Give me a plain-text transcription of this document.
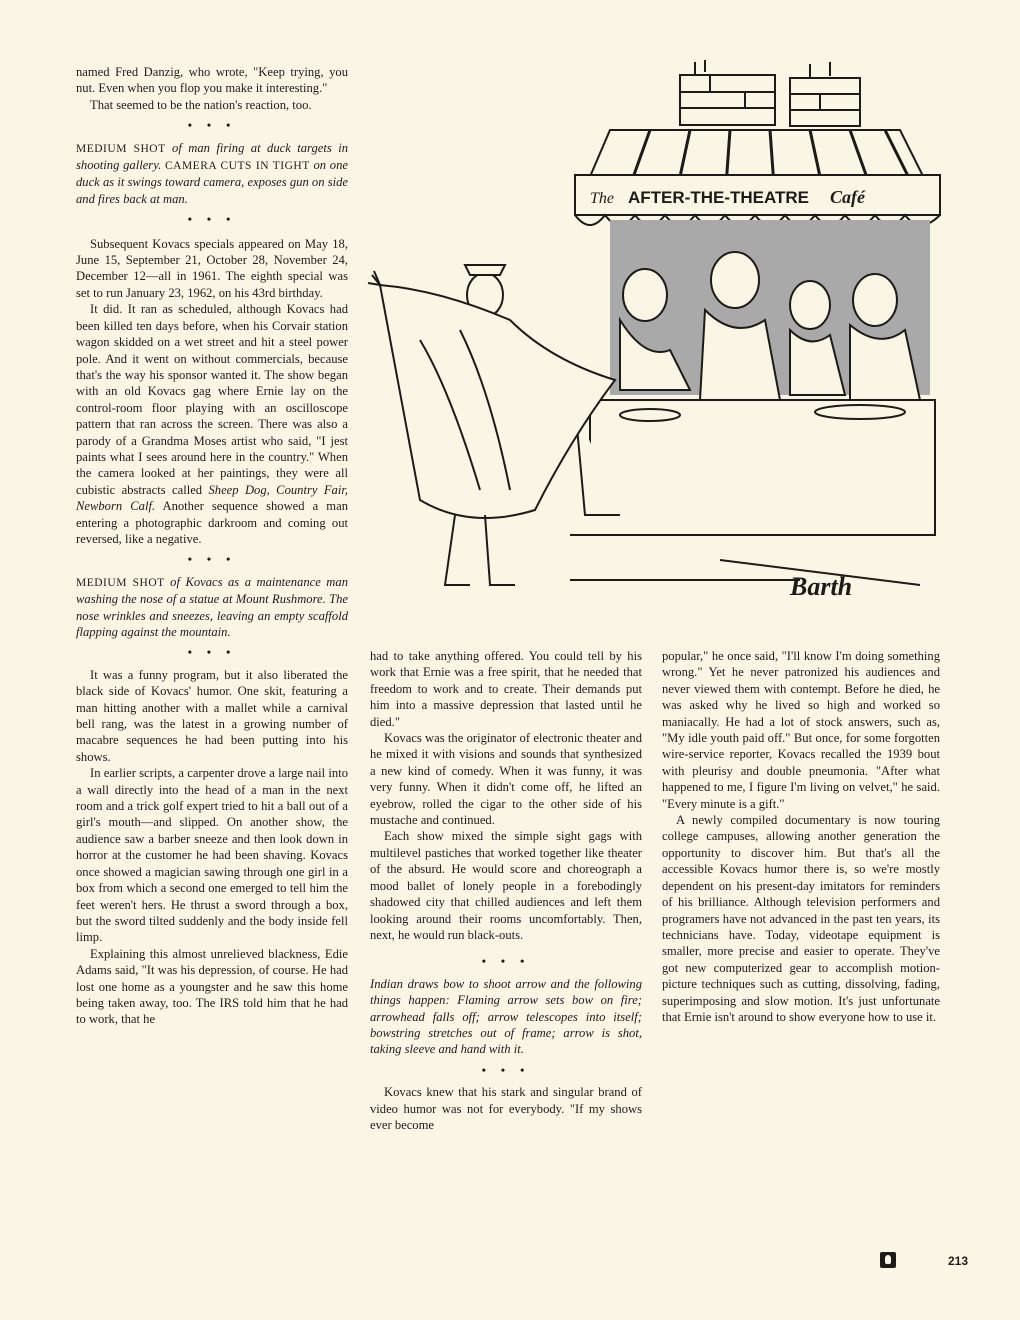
named Fred Danzig, who wrote, "Keep trying, you nut. Even when you flop you make it interesting."

That seemed to be the nation's reaction, too.

• • •

MEDIUM SHOT of man firing at duck targets in shooting gallery. CAMERA CUTS IN TIGHT on one duck as it swings toward camera, exposes gun on side and fires back at man.

• • •

Subsequent Kovacs specials appeared on May 18, June 15, September 21, October 28, November 24, December 12—all in 1961. The eighth special was set to run January 23, 1962, on his 43rd birthday.

It did. It ran as scheduled, although Kovacs had been killed ten days before, when his Corvair station wagon skidded on a wet street and hit a steel power pole. And it went on without commercials, because that's the way his sponsor wanted it. The show began with an old Kovacs gag where Ernie lay on the control-room floor playing with an oscilloscope pattern that ran across the screen. There was also a parody of a Grandma Moses artist who said, "I jest paints what I sees around here in the country." When the camera looked at her paintings, they were all cubistic abstracts called Sheep Dog, Country Fair, Newborn Calf. Another sequence showed a man entering a photographic darkroom and coming out reversed, like a negative.

• • •

MEDIUM SHOT of Kovacs as a maintenance man washing the nose of a statue at Mount Rushmore. The nose wrinkles and sneezes, leaving an empty scaffold flapping against the mountain.

• • •

It was a funny program, but it also liberated the black side of Kovacs' humor. One skit, featuring a man hitting another with a mallet while a carnival bell rang, was the latest in a growing number of macabre sequences he had been putting into his shows.

In earlier scripts, a carpenter drove a large nail into a wall directly into the head of a man in the next room and a trick golf expert tried to hit a ball out of a girl's mouth—and slipped. On another show, the audience saw a barber sneeze and then look down in horror at the customer he had been shaving. Kovacs once showed a magician sawing through one girl in a box from which a second one emerged to tell him the feet weren't hers. He thrust a sword through a box, but the sword tilted suddenly and the body inside fell limp.

Explaining this almost unrelieved blackness, Edie Adams said, "It was his depression, of course. He had lost one home as a youngster and he saw this home being taken away, too. The IRS told him that he had to work, that he

The AFTER-THE-THEATRE Café
Barth

had to take anything offered. You could tell by his work that Ernie was a free spirit, that he needed that freedom to work and to create. Their demands put him into a massive depression that lasted until he died."

Kovacs was the originator of electronic theater and he mixed it with visions and sounds that synthesized a new kind of comedy. When it was funny, it was very funny. When it didn't come off, he lifted an eyebrow, rolled the cigar to the other side of his mustache and continued.

Each show mixed the simple sight gags with multilevel pastiches that worked together like theater of the absurd. He would score and choreograph a mood ballet of lonely people in a forebodingly shadowed city that chilled audiences and left them looking around their rooms uncomfortably. Then, next, he would run black-outs.

• • •

Indian draws bow to shoot arrow and the following things happen: Flaming arrow sets bow on fire; arrowhead falls off; arrow telescopes into itself; bowstring stretches out of frame; arrow is shot, taking sleeve and hand with it.

• • •

Kovacs knew that his stark and singular brand of video humor was not for everybody. "If my shows ever become

popular," he once said, "I'll know I'm doing something wrong." Yet he never patronized his audiences and never viewed them with contempt. Before he died, he was asked why he lived so high and worked so maniacally. He had a lot of stock answers, such as, "My idle youth paid off." But once, for some forgotten wire-service reporter, Kovacs recalled the 1939 bout with pleurisy and double pneumonia. "After what happened to me, I figure I'm living on velvet," he said. "Every minute is a gift."

A newly compiled documentary is now touring college campuses, allowing another generation the opportunity to discover him. But that's all the accessible Kovacs humor there is, so we're mostly dependent on his present-day imitators for reminders of his brilliance. Although television performers and programers have not advanced in the past ten years, its technicians have. Today, videotape equipment is smaller, more precise and easier to operate. They've got new computerized gear to accomplish motion-picture techniques such as cutting, dissolving, fading, superimposing and slow motion. It's just unfortunate that Ernie isn't around to show everyone how to use it.

213
